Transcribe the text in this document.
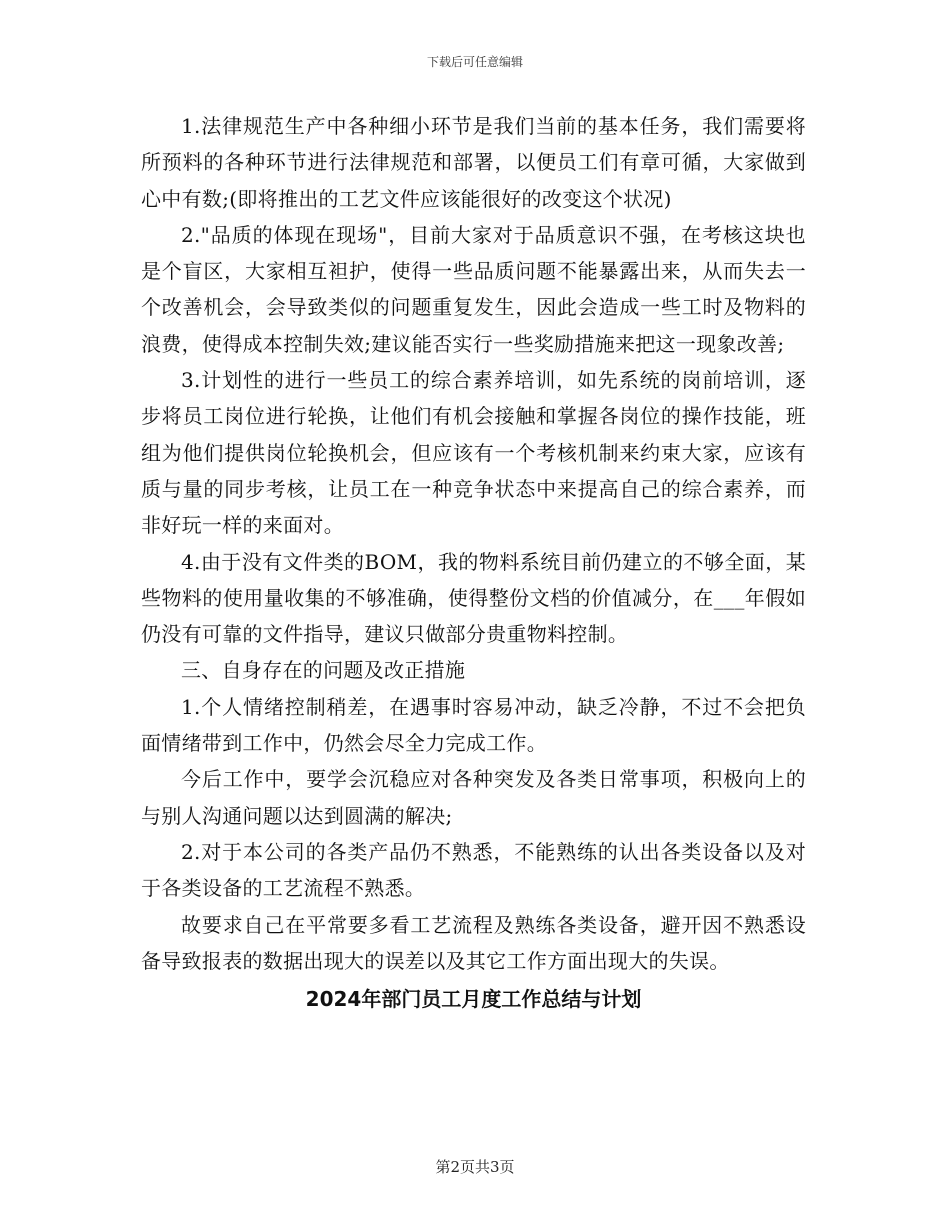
下载后可任意编辑

1.法律规范生产中各种细小环节是我们当前的基本任务，我们需要将所预料的各种环节进行法律规范和部署，以便员工们有章可循，大家做到心中有数;(即将推出的工艺文件应该能很好的改变这个状况)

2."品质的体现在现场"，目前大家对于品质意识不强，在考核这块也是个盲区，大家相互袒护，使得一些品质问题不能暴露出来，从而失去一个改善机会，会导致类似的问题重复发生，因此会造成一些工时及物料的浪费，使得成本控制失效;建议能否实行一些奖励措施来把这一现象改善;

3.计划性的进行一些员工的综合素养培训，如先系统的岗前培训，逐步将员工岗位进行轮换，让他们有机会接触和掌握各岗位的操作技能，班组为他们提供岗位轮换机会，但应该有一个考核机制来约束大家，应该有质与量的同步考核，让员工在一种竞争状态中来提高自己的综合素养，而非好玩一样的来面对。

4.由于没有文件类的BOM，我的物料系统目前仍建立的不够全面，某些物料的使用量收集的不够准确，使得整份文档的价值减分，在___年假如仍没有可靠的文件指导，建议只做部分贵重物料控制。

三、自身存在的问题及改正措施

1.个人情绪控制稍差，在遇事时容易冲动，缺乏冷静，不过不会把负面情绪带到工作中，仍然会尽全力完成工作。

今后工作中，要学会沉稳应对各种突发及各类日常事项，积极向上的与别人沟通问题以达到圆满的解决;

2.对于本公司的各类产品仍不熟悉，不能熟练的认出各类设备以及对于各类设备的工艺流程不熟悉。

故要求自己在平常要多看工艺流程及熟练各类设备，避开因不熟悉设备导致报表的数据出现大的误差以及其它工作方面出现大的失误。

2024年部门员工月度工作总结与计划
第2页共3页
